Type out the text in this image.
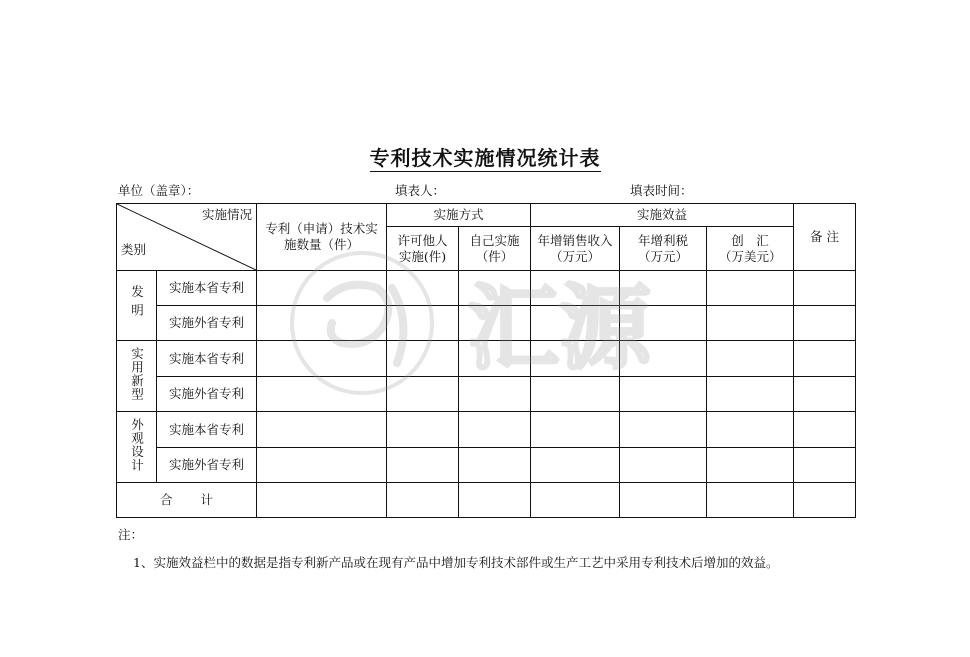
专利技术实施情况统计表
单位（盖章）：	填表人：	填表时间：
实施情况
类别		专利（申请）技术实施数量（件）	实施方式		实施效益			备 注
			许可他人实施(件)	自己实施（件）	年增销售收入（万元）	年增利税（万元）	创　汇（万美元）	
发明	实施本省专利							
	实施外省专利							
实用新型	实施本省专利							
	实施外省专利							
外观设计	实施本省专利							
	实施外省专利							
合计								
注：
1、实施效益栏中的数据是指专利新产品或在现有产品中增加专利技术部件或生产工艺中采用专利技术后增加的效益。
汇源
